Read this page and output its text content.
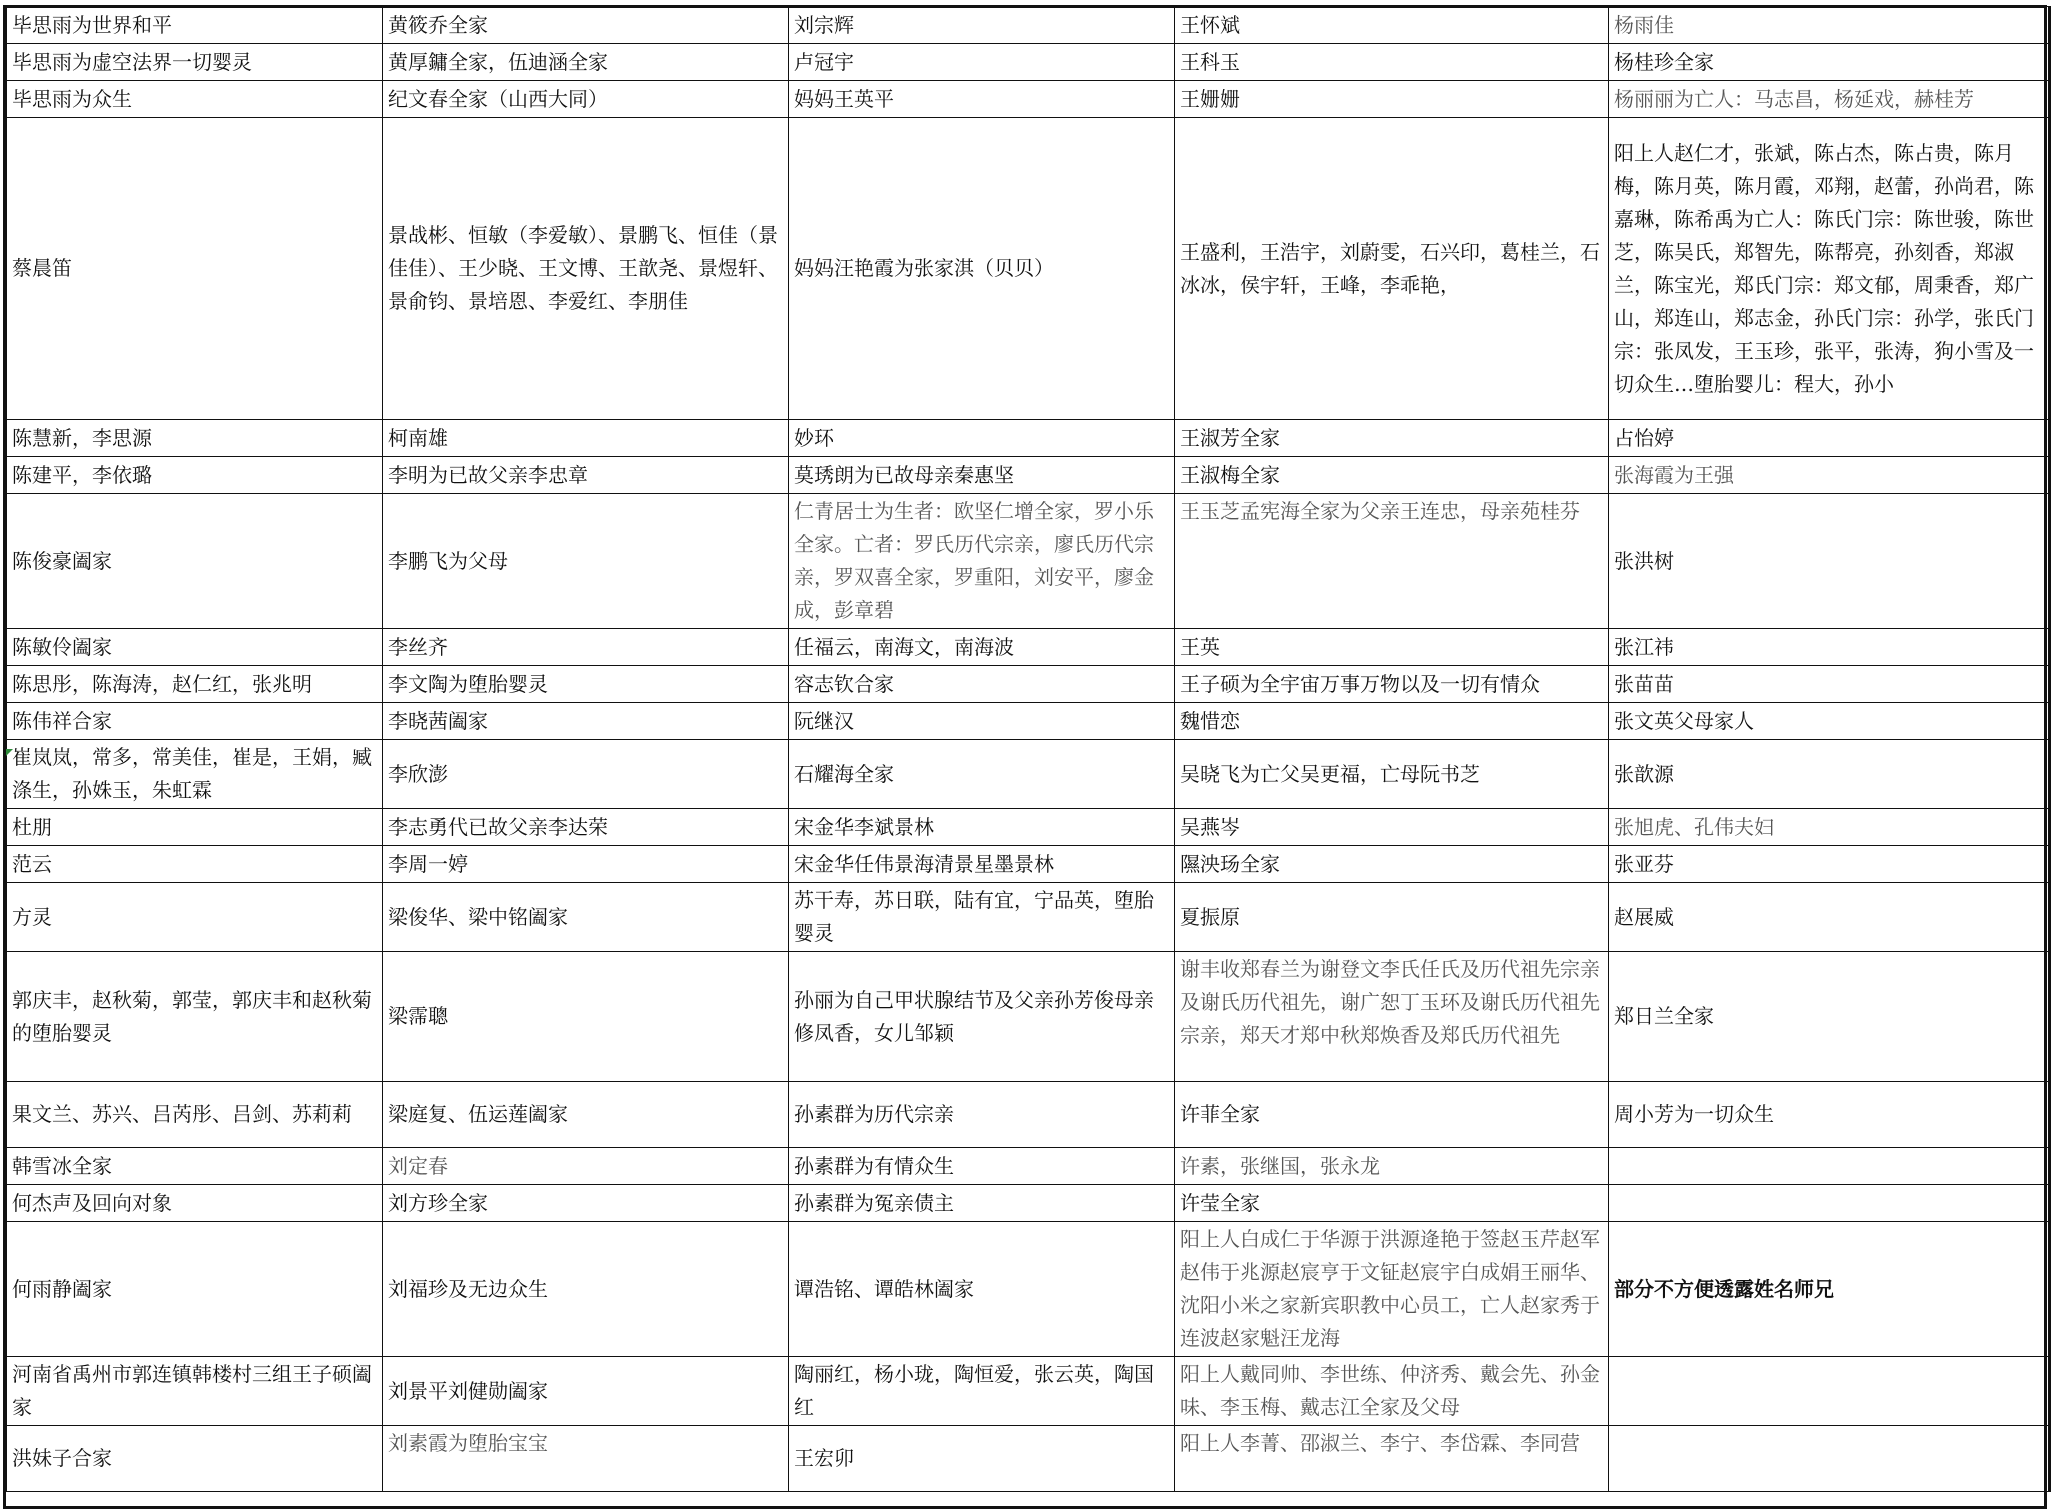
毕思雨为世界和平	黄筱乔全家	刘宗辉	王怀斌	杨雨佳
毕思雨为虚空法界一切婴灵	黄厚鏞全家，伍迪涵全家	卢冠宇	王科玉	杨桂珍全家
毕思雨为众生	纪文春全家（山西大同）	妈妈王英平	王姗姗	杨丽丽为亡人：马志昌，杨延戏，赫桂芳
蔡晨笛	景战彬、恒敏（李爱敏）、景鹏飞、恒佳（景佳佳）、王少晓、王文博、王歆尧、景煜轩、景俞钧、景培恩、李爱红、李朋佳	妈妈汪艳霞为张家淇（贝贝）	王盛利，王浩宇，刘蔚雯，石兴印，葛桂兰，石冰冰，侯宇轩，王峰，李乖艳，	阳上人赵仁才，张斌，陈占杰，陈占贵，陈月梅，陈月英，陈月霞，邓翔，赵蕾，孙尚君，陈嘉琳，陈希禹为亡人：陈氏门宗：陈世骏，陈世芝，陈吴氏，郑智先，陈帮亮，孙刻香，郑淑兰，陈宝光，郑氏门宗：郑文郁，周秉香，郑广山，郑连山，郑志金，孙氏门宗：孙学，张氏门宗：张凤发，王玉珍，张平，张涛，狗小雪及一切众生…堕胎婴儿：程大，孙小
陈慧新，李思源	柯南雄	妙环	王淑芳全家	占怡婷
陈建平，李依璐	李明为已故父亲李忠章	莫琇朗为已故母亲秦惠坚	王淑梅全家	张海霞为王强
陈俊豪阖家	李鹏飞为父母	仁青居士为生者：欧坚仁增全家，罗小乐全家。亡者：罗氏历代宗亲，廖氏历代宗亲，罗双喜全家，罗重阳，刘安平，廖金成，彭章碧	王玉芝孟宪海全家为父亲王连忠，母亲苑桂芬	张洪树
陈敏伶阖家	李丝齐	任福云，南海文，南海波	王英	张江祎
陈思彤，陈海涛，赵仁红，张兆明	李文陶为堕胎婴灵	容志钦合家	王子硕为全宇宙万事万物以及一切有情众	张苗苗
陈伟祥合家	李晓茜阖家	阮继汉	魏惜恋	张文英父母家人
崔岚岚，常多，常美佳，崔是，王娟，臧涤生，孙姝玉，朱虹霖	李欣澎	石耀海全家	吴晓飞为亡父吴更福，亡母阮书芝	张歆源
杜朋	李志勇代已故父亲李达荣	宋金华李斌景林	吴燕岑	张旭虎、孔伟夫妇
范云	李周一婷	宋金华任伟景海清景星墨景林	隰泱玚全家	张亚芬
方灵	梁俊华、梁中铭阖家	苏干寿，苏日联，陆有宜，宁品英，堕胎婴灵	夏振原	赵展威
郭庆丰，赵秋菊，郭莹，郭庆丰和赵秋菊的堕胎婴灵	梁霈聰	孙丽为自己甲状腺结节及父亲孙芳俊母亲修凤香，女儿邹颖	谢丰收郑春兰为谢登文李氏任氏及历代祖先宗亲及谢氏历代祖先，谢广恕丁玉环及谢氏历代祖先宗亲，郑天才郑中秋郑焕香及郑氏历代祖先	郑日兰全家
果文兰、苏兴、吕芮彤、吕剑、苏莉莉	梁庭复、伍运莲阖家	孙素群为历代宗亲	许菲全家	周小芳为一切众生
韩雪冰全家	刘定春	孙素群为有情众生	许素，张继国，张永龙	
何杰声及回向对象	刘方珍全家	孙素群为冤亲债主	许莹全家	
何雨静阖家	刘福珍及无边众生	谭浩铭、谭皓林阖家	阳上人白成仁于华源于洪源逄艳于签赵玉芹赵军赵伟于兆源赵宸亨于文钲赵宸宇白成娟王丽华、沈阳小米之家新宾职教中心员工，亡人赵家秀于连波赵家魁汪龙海	部分不方便透露姓名师兄
河南省禹州市郭连镇韩楼村三组王子硕阖家	刘景平刘健勋阖家	陶丽红，杨小珑，陶恒爱，张云英，陶国红	阳上人戴同帅、李世练、仲济秀、戴会先、孙金味、李玉梅、戴志江全家及父母	
洪妹子合家	刘素霞为堕胎宝宝	王宏卯	阳上人李菁、邵淑兰、李宁、李岱霖、李同营	
